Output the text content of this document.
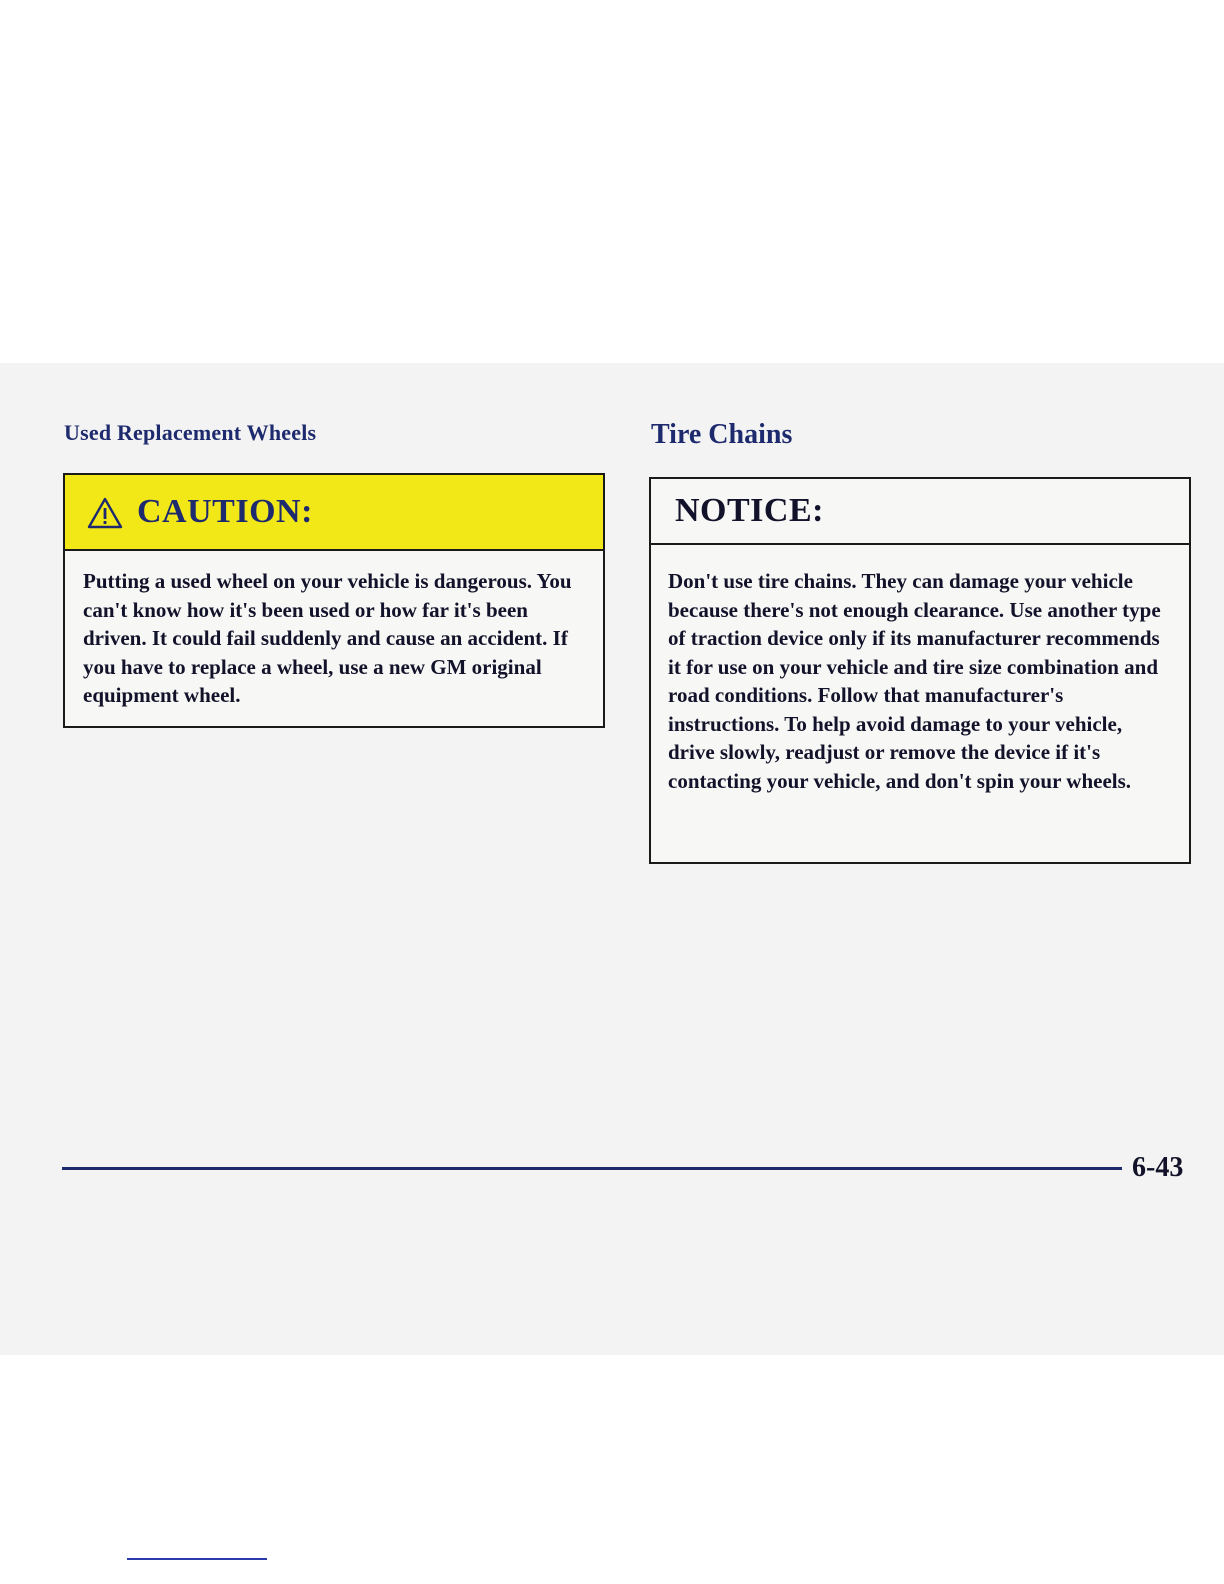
Used Replacement Wheels
CAUTION:
Putting a used wheel on your vehicle is dangerous. You can't know how it's been used or how far it's been driven. It could fail suddenly and cause an accident. If you have to replace a wheel, use a new GM original equipment wheel.
Tire Chains
NOTICE:
Don't use tire chains. They can damage your vehicle because there's not enough clearance. Use another type of traction device only if its manufacturer recommends it for use on your vehicle and tire size combination and road conditions. Follow that manufacturer's instructions. To help avoid damage to your vehicle, drive slowly, readjust or remove the device if it's contacting your vehicle, and don't spin your wheels.
6-43
